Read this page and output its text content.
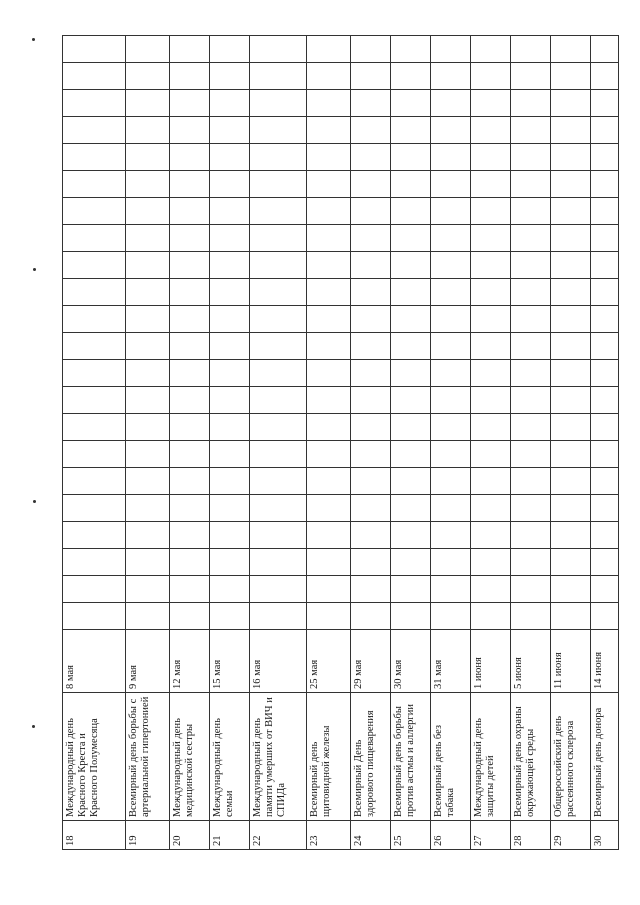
18	Международный день Красного Креста и Красного Полумесяца	8 мая																						
19	Всемирный день борьбы с артериальной гипертонией	9 мая																						
20	Международный день медицинской сестры	12 мая																						
21	Международный день семьи	15 мая																						
22	Международный день памяти умерших от ВИЧ и СПИДа	16 мая																						
23	Всемирный день щитовидной железы	25 мая																						
24	Всемирный День здорового пищеварения	29 мая																						
25	Всемирный день борьбы против астмы и аллергии	30 мая																						
26	Всемирный день без табака	31 мая																						
27	Международный день защиты детей	1 июня																						
28	Всемирный день охраны окружающей среды	5 июня																						
29	Общероссийский день рассеянного склероза	11 июня																						
30	Всемирный день донора	14 июня																						
